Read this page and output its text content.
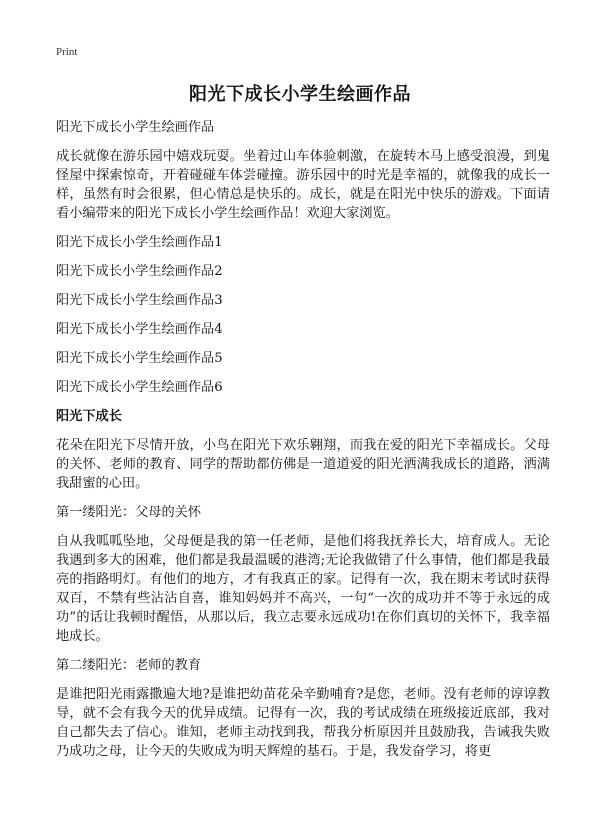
Print
阳光下成长小学生绘画作品

阳光下成长小学生绘画作品

成长就像在游乐园中嬉戏玩耍。坐着过山车体验刺激，在旋转木马上感受浪漫，到鬼怪屋中探索惊奇，开着碰碰车体尝碰撞。游乐园中的时光是幸福的，就像我的成长一样，虽然有时会很累，但心情总是快乐的。成长，就是在阳光中快乐的游戏。下面请看小编带来的阳光下成长小学生绘画作品！欢迎大家浏览。

阳光下成长小学生绘画作品1

阳光下成长小学生绘画作品2

阳光下成长小学生绘画作品3

阳光下成长小学生绘画作品4

阳光下成长小学生绘画作品5

阳光下成长小学生绘画作品6

阳光下成长

花朵在阳光下尽情开放，小鸟在阳光下欢乐翱翔，而我在爱的阳光下幸福成长。父母的关怀、老师的教育、同学的帮助都仿佛是一道道爱的阳光洒满我成长的道路，洒满我甜蜜的心田。

第一缕阳光：父母的关怀

自从我呱呱坠地，父母便是我的第一任老师，是他们将我抚养长大，培育成人。无论我遇到多大的困难，他们都是我最温暖的港湾;无论我做错了什么事情，他们都是我最亮的指路明灯。有他们的地方，才有我真正的家。记得有一次，我在期末考试时获得双百，不禁有些沾沾自喜，谁知妈妈并不高兴，一句“一次的成功并不等于永远的成功”的话让我顿时醒悟，从那以后，我立志要永远成功!在你们真切的关怀下，我幸福地成长。

第二缕阳光：老师的教育

是谁把阳光雨露撒遍大地?是谁把幼苗花朵辛勤哺育?是您，老师。没有老师的谆谆教导，就不会有我今天的优异成绩。记得有一次，我的考试成绩在班级接近底部，我对自己都失去了信心。谁知，老师主动找到我，帮我分析原因并且鼓励我，告诫我失败乃成功之母，让今天的失败成为明天辉煌的基石。于是，我发奋学习，将更
